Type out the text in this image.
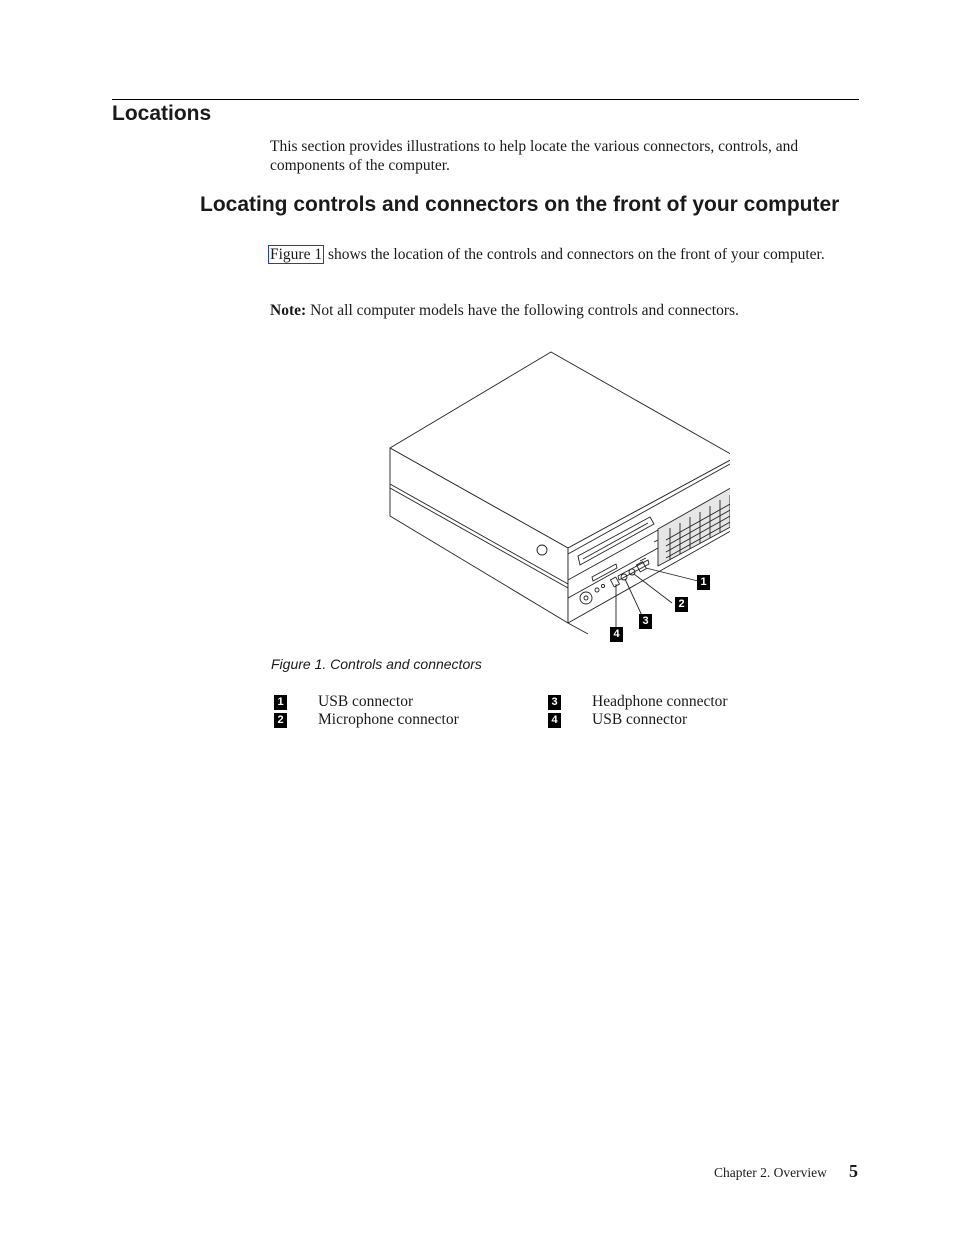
Locations

This section provides illustrations to help locate the various connectors, controls, and components of the computer.

Locating controls and connectors on the front of your computer

Figure 1 shows the location of the controls and connectors on the front of your computer.

Note: Not all computer models have the following controls and connectors.

1
2
3
4

Figure 1. Controls and connectors

1 USB connector
2 Microphone connector
3 Headphone connector
4 USB connector
Chapter 2. Overview 5
